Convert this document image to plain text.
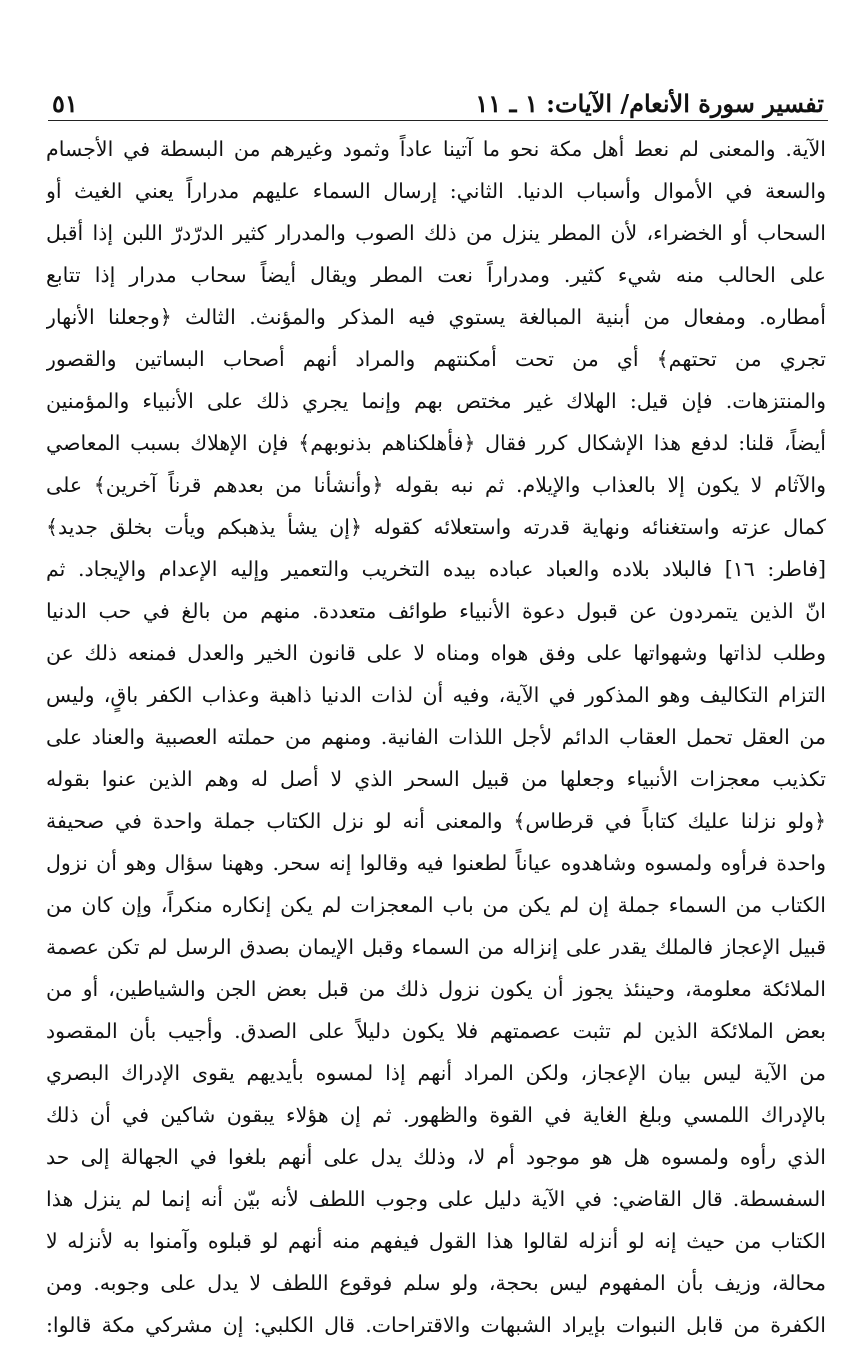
تفسير سورة الأنعام/ الآيات: ١ ـ ١١
٥١
الآية. والمعنى لم نعط أهل مكة نحو ما آتينا عاداً وثمود وغيرهم من البسطة في الأجسام
والسعة في الأموال وأسباب الدنيا. الثاني: إرسال السماء عليهم مدراراً يعني الغيث أو
السحاب أو الخضراء، لأن المطر ينزل من ذلك الصوب والمدرار كثير الدرّدرّ اللبن إذا أقبل
على الحالب منه شيء كثير. ومدراراً نعت المطر ويقال أيضاً سحاب مدرار إذا تتابع
أمطاره. ومفعال من أبنية المبالغة يستوي فيه المذكر والمؤنث. الثالث ﴿وجعلنا الأنهار
تجري من تحتهم﴾ أي من تحت أمكنتهم والمراد أنهم أصحاب البساتين والقصور
والمنتزهات. فإن قيل: الهلاك غير مختص بهم وإنما يجري ذلك على الأنبياء والمؤمنين
أيضاً، قلنا: لدفع هذا الإشكال كرر فقال ﴿فأهلكناهم بذنوبهم﴾ فإن الإهلاك بسبب المعاصي
والآثام لا يكون إلا بالعذاب والإيلام. ثم نبه بقوله ﴿وأنشأنا من بعدهم قرناً آخرين﴾ على
كمال عزته واستغنائه ونهاية قدرته واستعلائه كقوله ﴿إن يشأ يذهبكم ويأت بخلق جديد﴾
[فاطر: ١٦] فالبلاد بلاده والعباد عباده بيده التخريب والتعمير وإليه الإعدام والإيجاد. ثم
انّ الذين يتمردون عن قبول دعوة الأنبياء طوائف متعددة. منهم من بالغ في حب الدنيا
وطلب لذاتها وشهواتها على وفق هواه ومناه لا على قانون الخير والعدل فمنعه ذلك عن
التزام التكاليف وهو المذكور في الآية، وفيه أن لذات الدنيا ذاهبة وعذاب الكفر باقٍ، وليس
من العقل تحمل العقاب الدائم لأجل اللذات الفانية. ومنهم من حملته العصبية والعناد على
تكذيب معجزات الأنبياء وجعلها من قبيل السحر الذي لا أصل له وهم الذين عنوا بقوله
﴿ولو نزلنا عليك كتاباً في قرطاس﴾ والمعنى أنه لو نزل الكتاب جملة واحدة في صحيفة
واحدة فرأوه ولمسوه وشاهدوه عياناً لطعنوا فيه وقالوا إنه سحر. وههنا سؤال وهو أن نزول
الكتاب من السماء جملة إن لم يكن من باب المعجزات لم يكن إنكاره منكراً، وإن كان من
قبيل الإعجاز فالملك يقدر على إنزاله من السماء وقبل الإيمان بصدق الرسل لم تكن عصمة
الملائكة معلومة، وحينئذ يجوز أن يكون نزول ذلك من قبل بعض الجن والشياطين، أو من
بعض الملائكة الذين لم تثبت عصمتهم فلا يكون دليلاً على الصدق. وأجيب بأن المقصود
من الآية ليس بيان الإعجاز، ولكن المراد أنهم إذا لمسوه بأيديهم يقوى الإدراك البصري
بالإدراك اللمسي وبلغ الغاية في القوة والظهور. ثم إن هؤلاء يبقون شاكين في أن ذلك
الذي رأوه ولمسوه هل هو موجود أم لا، وذلك يدل على أنهم بلغوا في الجهالة إلى حد
السفسطة. قال القاضي: في الآية دليل على وجوب اللطف لأنه بيّن أنه إنما لم ينزل هذا
الكتاب من حيث إنه لو أنزله لقالوا هذا القول فيفهم منه أنهم لو قبلوه وآمنوا به لأنزله لا
محالة، وزيف بأن المفهوم ليس بحجة، ولو سلم فوقوع اللطف لا يدل على وجوبه. ومن
الكفرة من قابل النبوات بإيراد الشبهات والاقتراحات. قال الكلبي: إن مشركي مكة قالوا:
